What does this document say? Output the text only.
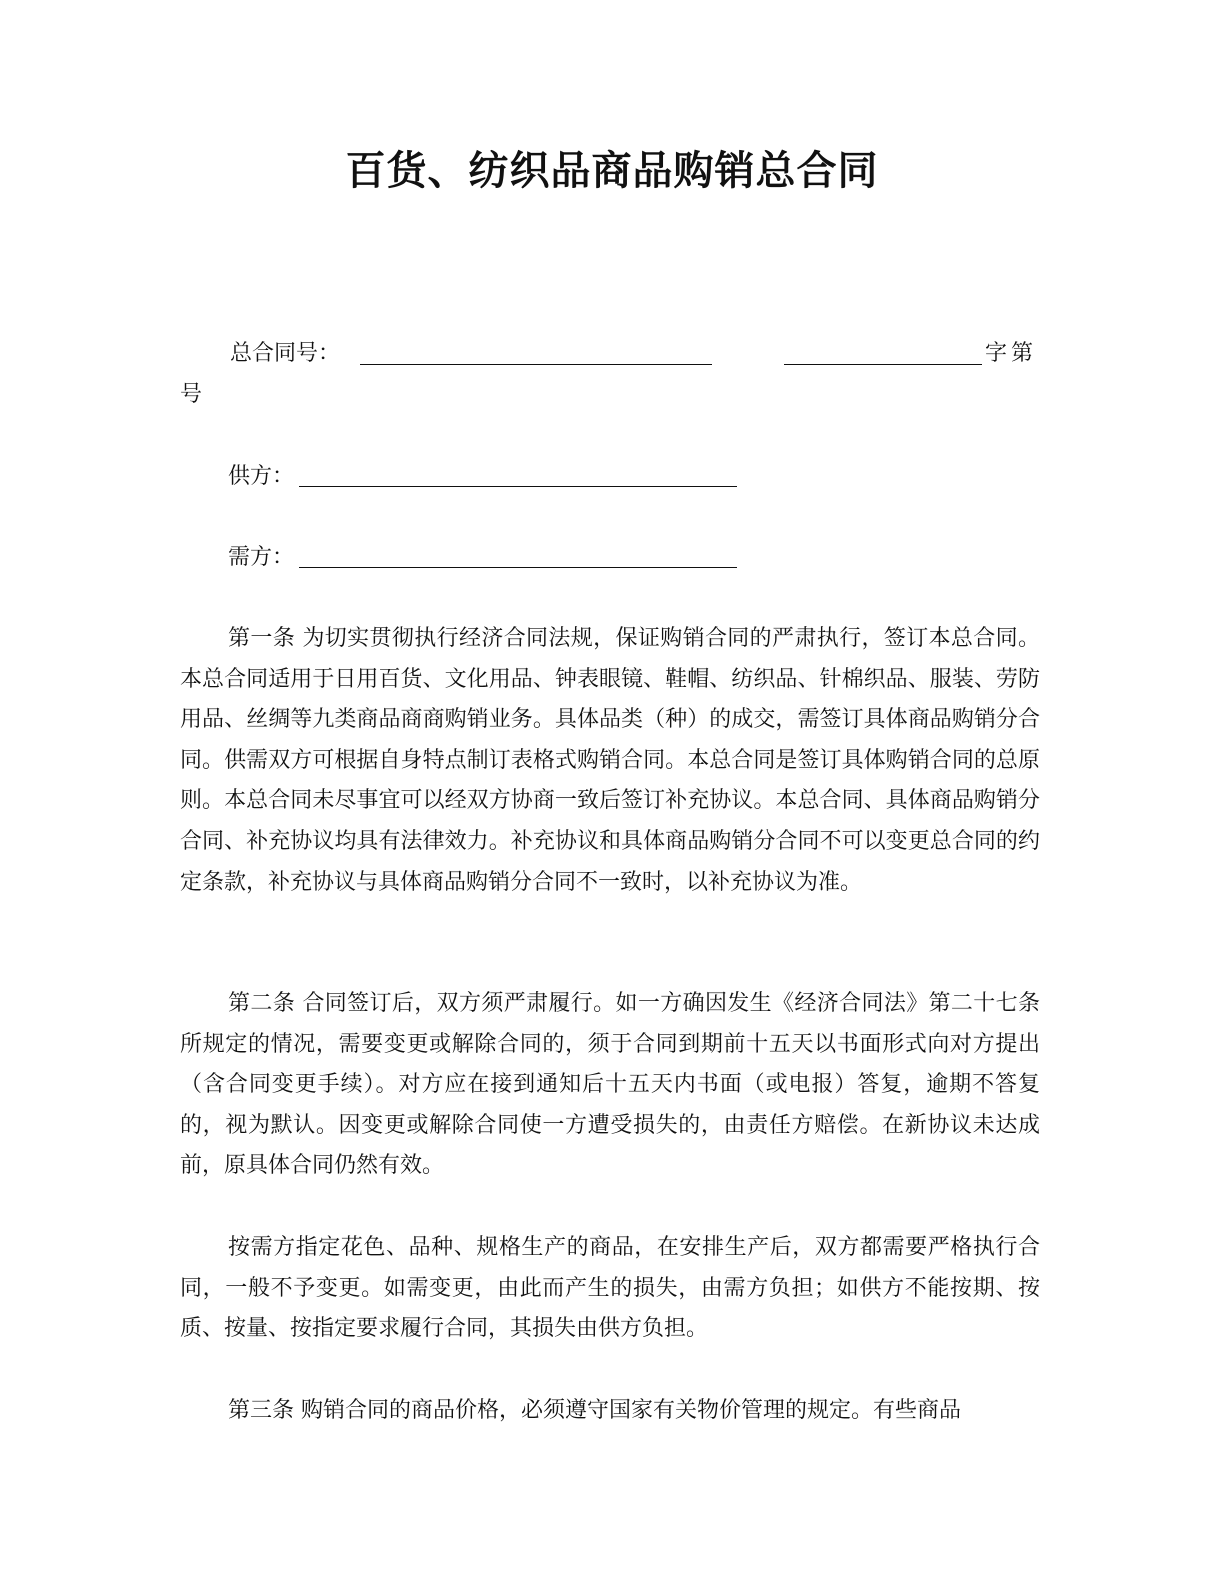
百货、纺织品商品购销总合同
总合同号：	字第
号
供方：
需方：

第一条 为切实贯彻执行经济合同法规，保证购销合同的严肃执行，签订本总合同。本总合同适用于日用百货、文化用品、钟表眼镜、鞋帽、纺织品、针棉织品、服装、劳防用品、丝绸等九类商品商商购销业务。具体品类（种）的成交，需签订具体商品购销分合同。供需双方可根据自身特点制订表格式购销合同。本总合同是签订具体购销合同的总原则。本总合同未尽事宜可以经双方协商一致后签订补充协议。本总合同、具体商品购销分合同、补充协议均具有法律效力。补充协议和具体商品购销分合同不可以变更总合同的约定条款，补充协议与具体商品购销分合同不一致时，以补充协议为准。

第二条 合同签订后，双方须严肃履行。如一方确因发生《经济合同法》第二十七条所规定的情况，需要变更或解除合同的，须于合同到期前十五天以书面形式向对方提出（含合同变更手续）。对方应在接到通知后十五天内书面（或电报）答复，逾期不答复的，视为默认。因变更或解除合同使一方遭受损失的，由责任方赔偿。在新协议未达成前，原具体合同仍然有效。

按需方指定花色、品种、规格生产的商品，在安排生产后，双方都需要严格执行合同，一般不予变更。如需变更，由此而产生的损失，由需方负担；如供方不能按期、按质、按量、按指定要求履行合同，其损失由供方负担。

第三条 购销合同的商品价格，必须遵守国家有关物价管理的规定。有些商品
